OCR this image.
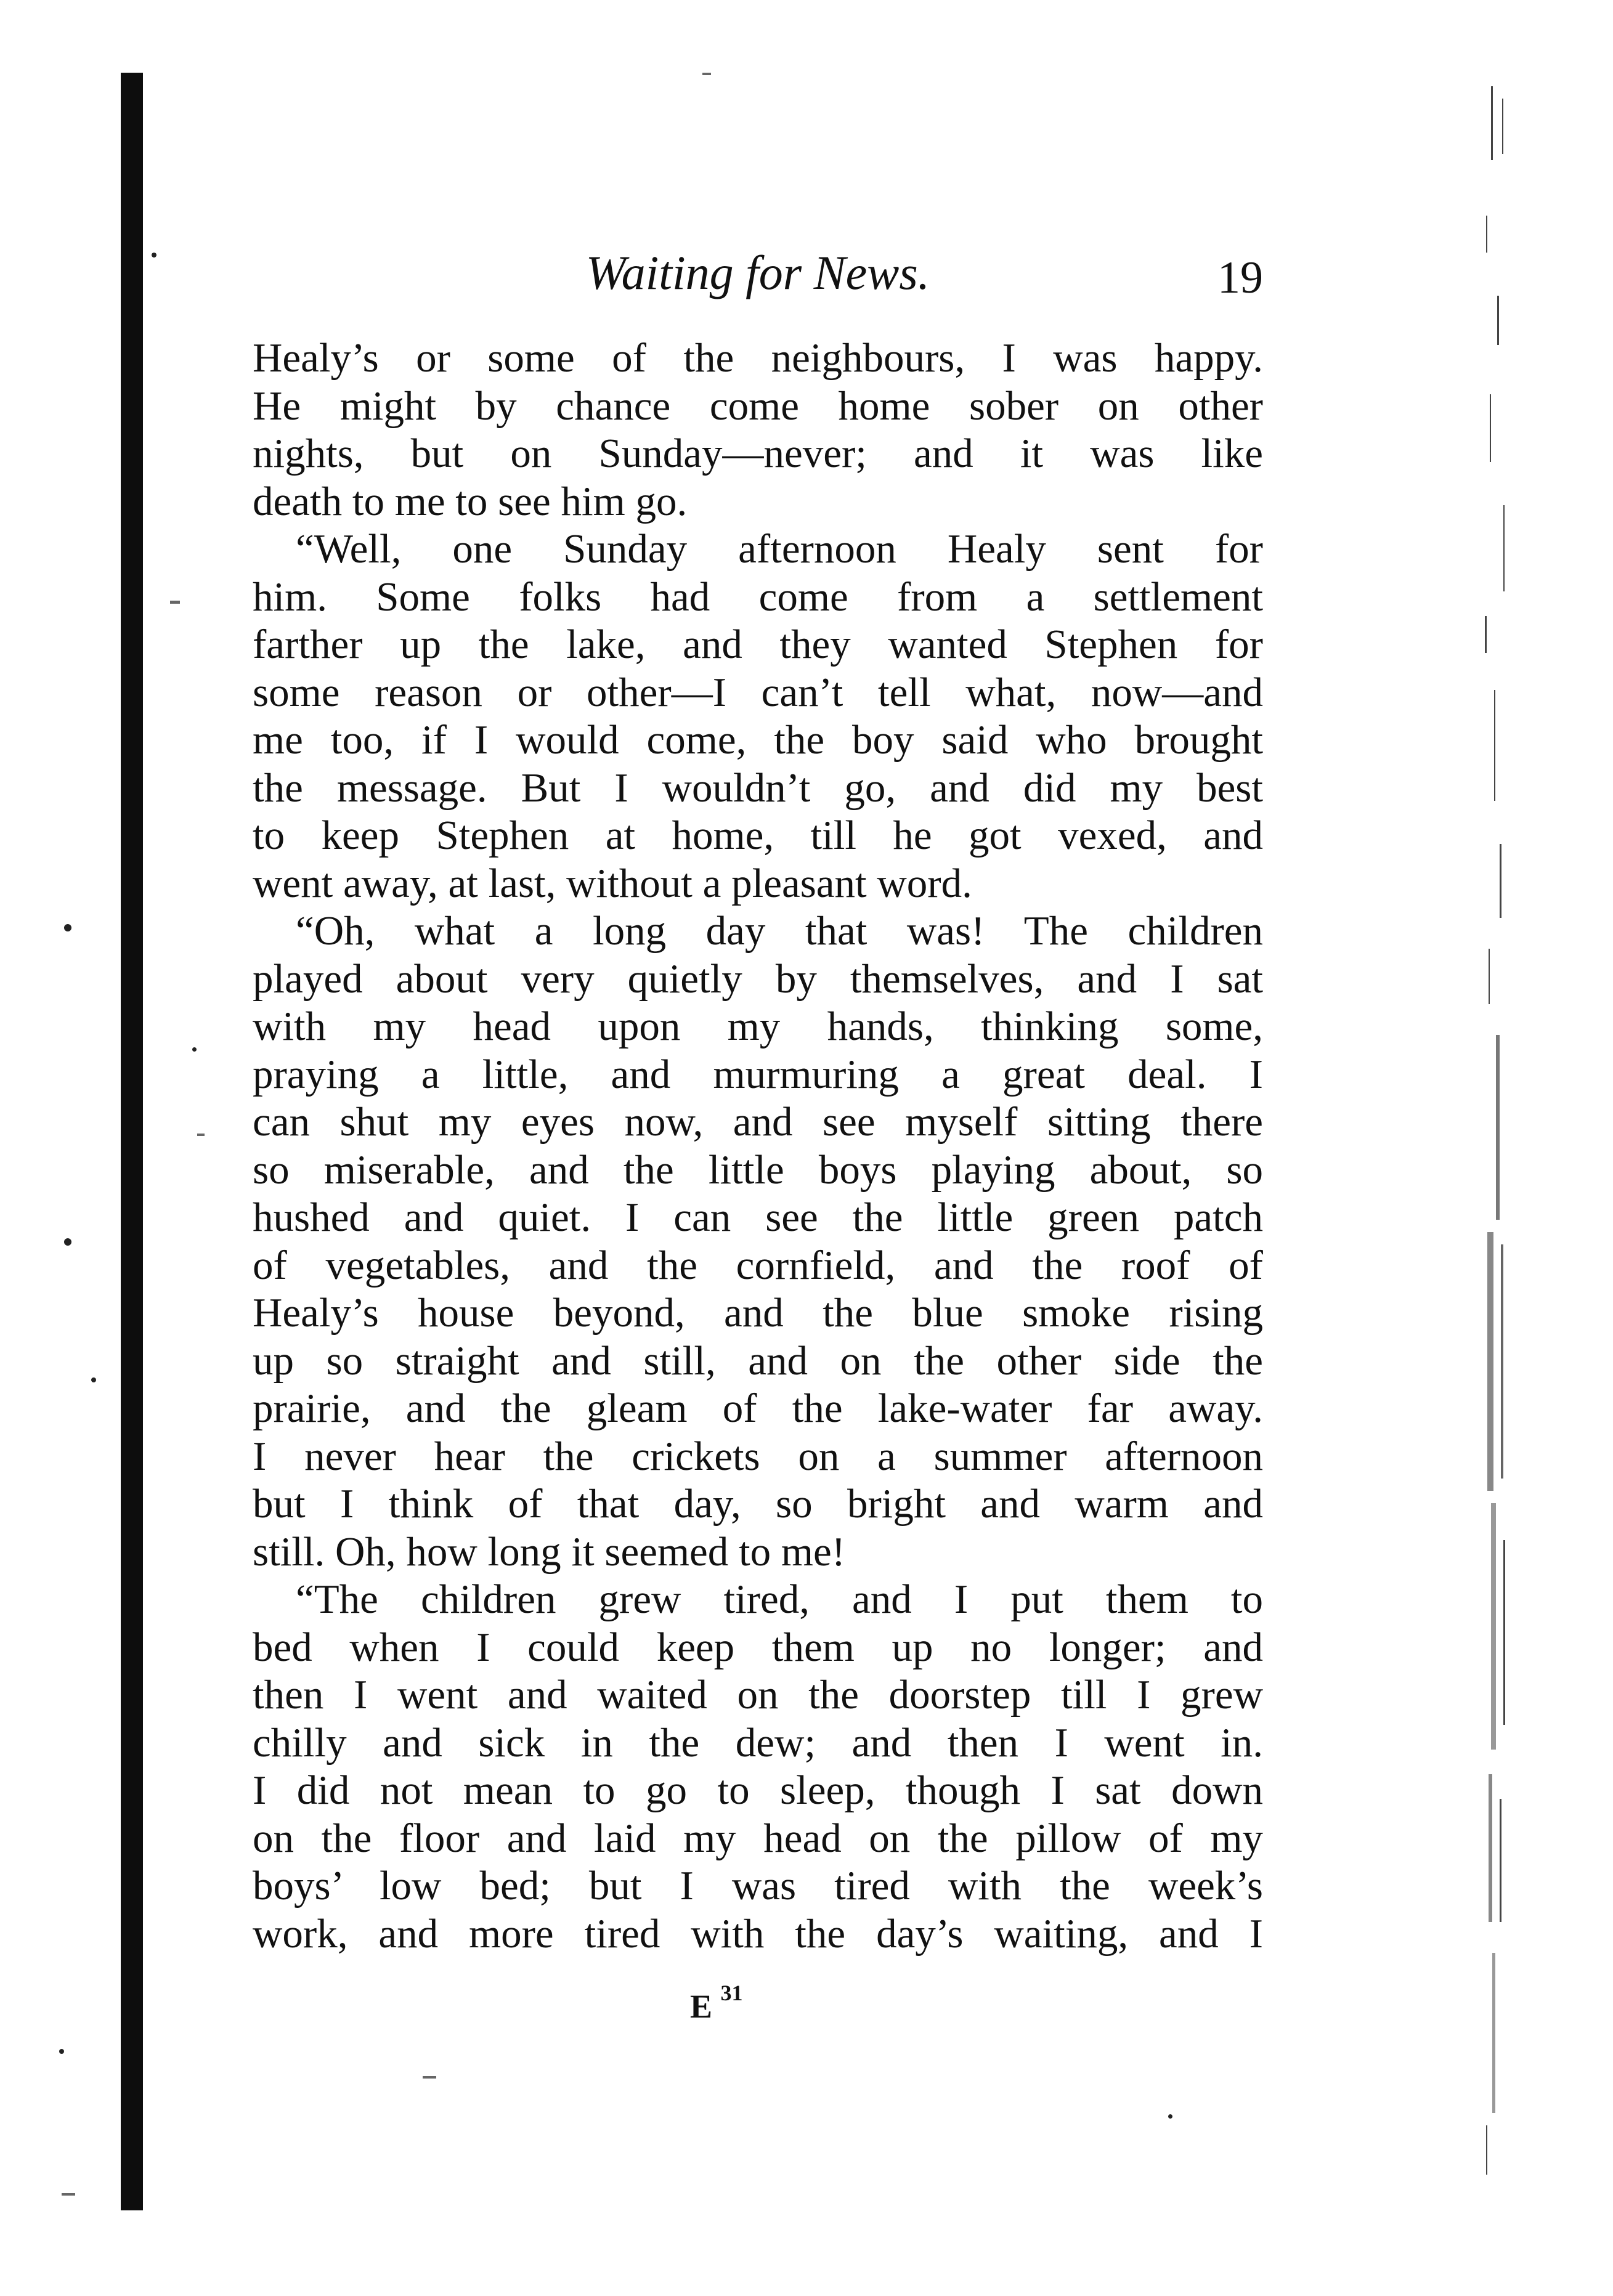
Waiting for News.	19
Healy’s or some of the neighbours, I was happy.
He might by chance come home sober on other
nights, but on Sunday—never; and it was like
death to me to see him go.
“Well, one Sunday afternoon Healy sent for
him. Some folks had come from a settlement
farther up the lake, and they wanted Stephen for
some reason or other—I can’t tell what, now—and
me too, if I would come, the boy said who brought
the message. But I wouldn’t go, and did my best
to keep Stephen at home, till he got vexed, and
went away, at last, without a pleasant word.
“Oh, what a long day that was! The children
played about very quietly by themselves, and I sat
with my head upon my hands, thinking some,
praying a little, and murmuring a great deal. I
can shut my eyes now, and see myself sitting there
so miserable, and the little boys playing about, so
hushed and quiet. I can see the little green patch
of vegetables, and the cornfield, and the roof of
Healy’s house beyond, and the blue smoke rising
up so straight and still, and on the other side the
prairie, and the gleam of the lake-water far away.
I never hear the crickets on a summer afternoon
but I think of that day, so bright and warm and
still. Oh, how long it seemed to me!
“The children grew tired, and I put them to
bed when I could keep them up no longer; and
then I went and waited on the doorstep till I grew
chilly and sick in the dew; and then I went in.
I did not mean to go to sleep, though I sat down
on the floor and laid my head on the pillow of my
boys’ low bed; but I was tired with the week’s
work, and more tired with the day’s waiting, and I
E $^{31}$
